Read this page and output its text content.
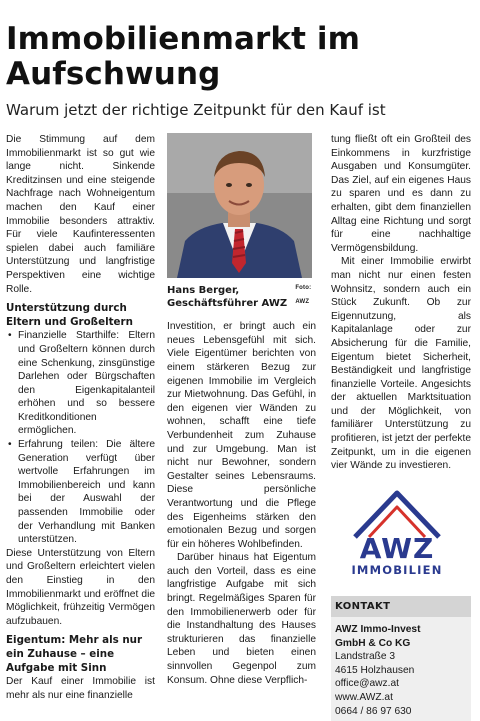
Immobilienmarkt im Aufschwung
Warum jetzt der richtige Zeitpunkt für den Kauf ist

Die Stimmung auf dem Immobilienmarkt ist so gut wie lange nicht. Sinkende Kreditzinsen und eine steigende Nachfrage nach Wohneigentum machen den Kauf einer Immobilie besonders attraktiv. Für viele Kaufinteressenten spielen dabei auch familiäre Unterstützung und langfristige Perspektiven eine wichtige Rolle.

Unterstützung durch Eltern und Großeltern
• Finanzielle Starthilfe: Eltern und Großeltern können durch eine Schenkung, zinsgünstige Darlehen oder Bürgschaften den Eigenkapitalanteil erhöhen und so bessere Kreditkonditionen ermöglichen.
• Erfahrung teilen: Die ältere Generation verfügt über wertvolle Erfahrungen im Immobilienbereich und kann bei der Auswahl der passenden Immobilie oder der Verhandlung mit Banken unterstützen.

Diese Unterstützung von Eltern und Großeltern erleichtert vielen den Einstieg in den Immobilienmarkt und eröffnet die Möglichkeit, frühzeitig Vermögen aufzubauen.

Eigentum: Mehr als nur ein Zuhause – eine Aufgabe mit Sinn

Der Kauf einer Immobilie ist mehr als nur eine finanzielle

Hans Berger, Geschäftsführer AWZ
Foto: AWZ

Investition, er bringt auch ein neues Lebensgefühl mit sich. Viele Eigentümer berichten von einem stärkeren Bezug zur eigenen Immobilie im Vergleich zur Mietwohnung. Das Gefühl, in den eigenen vier Wänden zu wohnen, schafft eine tiefe Verbundenheit zum Zuhause und zur Umgebung. Man ist nicht nur Bewohner, sondern Gestalter seines Lebensraums. Diese persönliche Verantwortung und die Pflege des Eigenheims stärken den emotionalen Bezug und sorgen für ein höheres Wohlbefinden.

Darüber hinaus hat Eigentum auch den Vorteil, dass es eine langfristige Aufgabe mit sich bringt. Regelmäßiges Sparen für den Immobilienerwerb oder für die Instandhaltung des Hauses strukturieren das finanzielle Leben und bieten einen sinnvollen Gegenpol zum Konsum. Ohne diese Verpflich-

tung fließt oft ein Großteil des Einkommens in kurzfristige Ausgaben und Konsumgüter. Das Ziel, auf ein eigenes Haus zu sparen und es dann zu erhalten, gibt dem finanziellen Alltag eine Richtung und sorgt für eine nachhaltige Vermögensbildung.

Mit einer Immobilie erwirbt man nicht nur einen festen Wohnsitz, sondern auch ein Stück Zukunft. Ob zur Eigennutzung, als Kapitalanlage oder zur Absicherung für die Familie, Eigentum bietet Sicherheit, Beständigkeit und langfristige finanzielle Vorteile. Angesichts der aktuellen Marktsituation und der Möglichkeit, von familiärer Unterstützung zu profitieren, ist jetzt der perfekte Zeitpunkt, um in die eigenen vier Wände zu investieren.

AWZ
IMMOBILIEN
KONTAKT
AWZ Immo-Invest
GmbH & Co KG
Landstraße 3
4615 Holzhausen
office@awz.at
www.AWZ.at
0664 / 86 97 630
